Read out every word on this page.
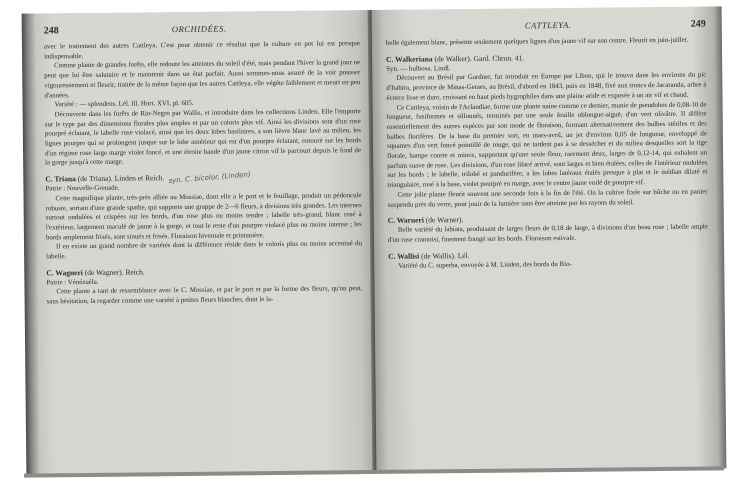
248	ORCHIDÉES.

avec le traitement des autres Cattleya. C'est pour obtenir ce résultat que la culture en pot lui est presque indispensable.

Comme plante de grandes forêts, elle redoute les atteintes du soleil d'été, mais pendant l'hiver la grand jour ne peut que lui être salutaire et le maintenir dans un état parfait. Aussi sommes-nous assuré de la voir pousser vigoureusement et fleurir, traitée de la même façon que les autres Cattleya, elle végète faiblement et meurt en peu d'années.

Variété : — splendens. Lél. Ill. Hort. XVI, pl. 605.

Découverte dans les forêts de Rio-Negro par Wallis, et introduite dans les collections Linden. Elle l'emporte sur le type par des dimensions florales plus amples et par un coloris plus vif. Ainsi les divisions sont d'un rose pourpré éclatant, le labelle rose violacé, ainsi que les deux lobes basilaires, a son lièvre blanc lavé au milieu, les lignes pourpre qui se prolongent jusque sur le lobe antérieur qui est d'un pourpre éclatant, entouré sur les bords d'un régime rose large marge violet foncé, et une étroite bande d'un jaune citron vif le parcourt depuis le fond de la gorge jusqu'à cette marge.

C. Triana (de Triana). Linden et Reich. syn. C. bicolor, (Linden)

Patrie : Nouvelle-Grenade.

Cette magnifique plante, très-près alliée au Mossiae, dont elle a le port et le feuillage, produit un pédoncule robuste, sortant d'une grande spathe, qui supporte une grappe de 2—6 fleurs, à divisions très grandes. Les internes surtout ondulées et crispées sur les bords, d'un rose plus ou moins tendre ; labelle très-grand, blanc rosé à l'extérieur, largement maculé de jaune à la gorge, et tout le reste d'un pourpre violacé plus ou moins intense ; les bords amplement frisés, sont sinués et frisés. Floraison hivernale et printanière.

Il en existe un grand nombre de variétés dont la différence réside dans le coloris plus ou moins accentué du labelle.

C. Wagneri (de Wagner). Reich.

Patrie : Vénézuéla.

Cette plante a tant de ressemblance avec le C. Mossiae, et par le port et par la forme des fleurs, qu'on peut, sans hésitation, la regarder comme une variété à petites fleurs blanches, dont le la-

CATTLEYA.	249

belle également blanc, présente seulement quelques lignes d'un jaune vif sur son centre. Fleurit en juin-juillet.

C. Walkeriana (de Walker). Gard. Chron. 41.

Syn. — bulbosa. Lindl.

Découvert au Brésil par Gardner, fut introduit en Europe par Libon, qui le trouva dans les environs du pic d'Itabira, province de Minas-Geraes, au Brésil, d'abord en 1843, puis en 1848, fixé aux troncs de Jacaranda, arbre à écorce lisse et dure, croissant en haut pieds hygrophiles dans une plaine aride et exposée à un air vif et chaud.

Ce Cattleya, voisin de l'Aclandiae, forme une plante naine comme ce dernier, munie de pseudobes de 0,08-10 de longueur, fusiformes et sillonnés, terminés par une seule feuille oblongue-aiguë, d'un vert olivâtre. Il diffère essentiellement des autres espèces par son mode de floraison, formant alternativement des bulbes stériles et des bulbes florifères. De la base du premier sort, en mars-avril, un jet d'environ 0,05 de longueur, enveloppé de squames d'un vert foncé pointillé de rouge, qui ne tardent pas à se dessécher et du milieu desquelles sort la tige florale, hampe courte et mince, supportant qu'une seule fleur, rarement deux, larges de 0,12-14, qui exhalent un parfum suave de rose. Les divisions, d'un rose lilacé arrivé, sont larges et bien étalées, celles de l'intérieur ondulées sur les bords ; le labelle, trilobé et pandurifère, a les lobes latéraux étalés presque à plat et le médian dilaté et triangulaire, rosé à la base, violet pourpré en marge, avec le centre jaune voilé de pourpre vif.

Cette jolie plante fleurit souvent une seconde fois à la fin de l'été. On la cultive fixée sur bûche ou en panier suspendu près du verre, pour jouir de la lumière sans être atteinte par les rayons du soleil.

C. Warneri (de Warner).

Belle variété du labiata, produisant de larges fleurs de 0,18 de large, à divisions d'un beau rose ; labelle ample d'un rose cramoisi, finement frangé sur les bords. Floraison estivale.

C. Wallisi (de Wallis). Lél.

Variété du C. superba, envoyée à M. Linden, des bords du Rio-
